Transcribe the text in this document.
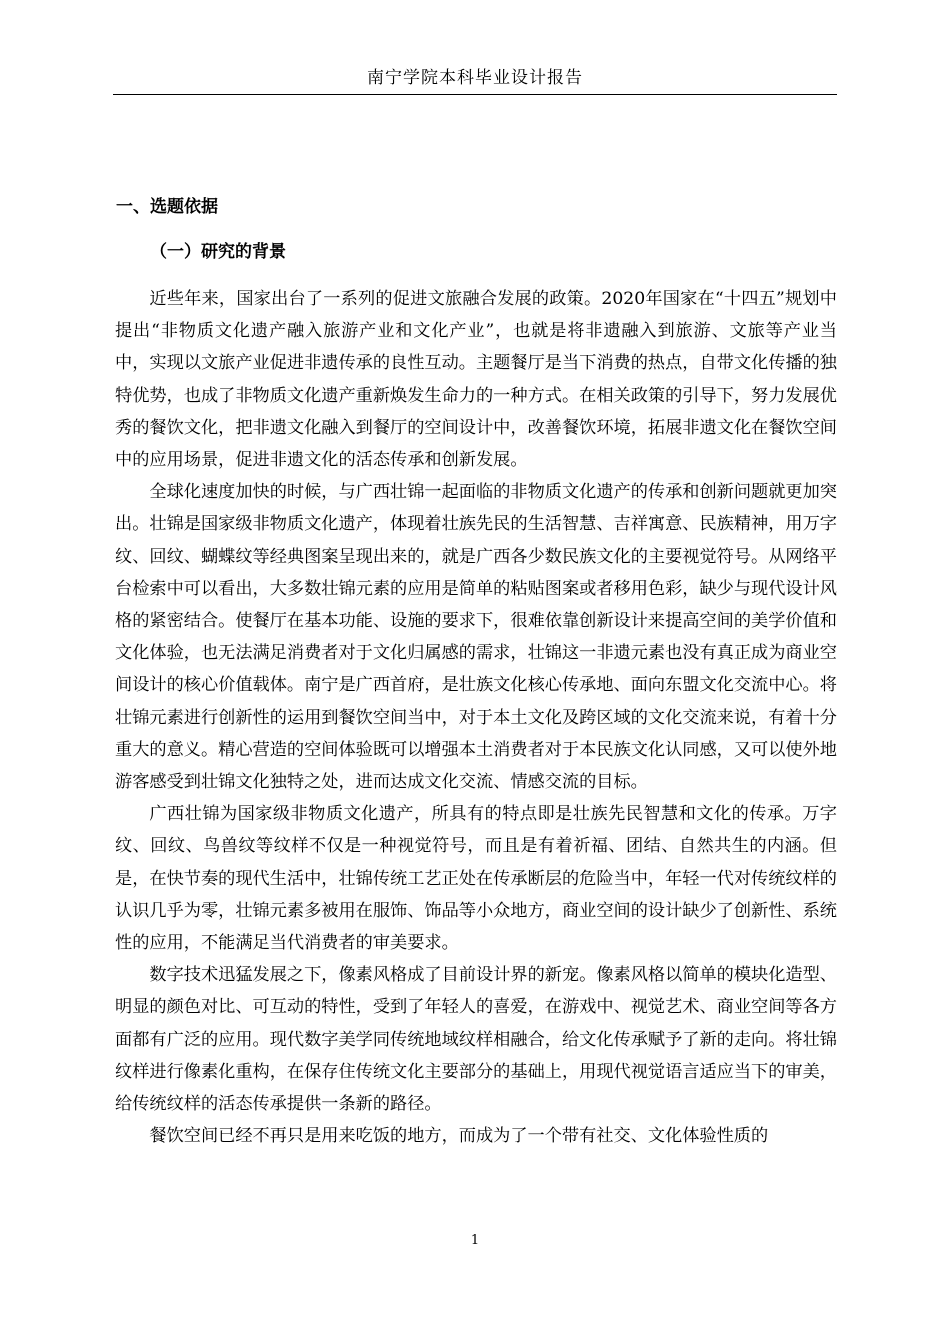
南宁学院本科毕业设计报告
一、选题依据
（一）研究的背景

近些年来，国家出台了一系列的促进文旅融合发展的政策。2020年国家在“十四五”规划中提出“非物质文化遗产融入旅游产业和文化产业”，也就是将非遗融入到旅游、文旅等产业当中，实现以文旅产业促进非遗传承的良性互动。主题餐厅是当下消费的热点，自带文化传播的独特优势，也成了非物质文化遗产重新焕发生命力的一种方式。在相关政策的引导下，努力发展优秀的餐饮文化，把非遗文化融入到餐厅的空间设计中，改善餐饮环境，拓展非遗文化在餐饮空间中的应用场景，促进非遗文化的活态传承和创新发展。

全球化速度加快的时候，与广西壮锦一起面临的非物质文化遗产的传承和创新问题就更加突出。壮锦是国家级非物质文化遗产，体现着壮族先民的生活智慧、吉祥寓意、民族精神，用万字纹、回纹、蝴蝶纹等经典图案呈现出来的，就是广西各少数民族文化的主要视觉符号。从网络平台检索中可以看出，大多数壮锦元素的应用是简单的粘贴图案或者移用色彩，缺少与现代设计风格的紧密结合。使餐厅在基本功能、设施的要求下，很难依靠创新设计来提高空间的美学价值和文化体验，也无法满足消费者对于文化归属感的需求，壮锦这一非遗元素也没有真正成为商业空间设计的核心价值载体。南宁是广西首府，是壮族文化核心传承地、面向东盟文化交流中心。将壮锦元素进行创新性的运用到餐饮空间当中，对于本土文化及跨区域的文化交流来说，有着十分重大的意义。精心营造的空间体验既可以增强本土消费者对于本民族文化认同感，又可以使外地游客感受到壮锦文化独特之处，进而达成文化交流、情感交流的目标。

广西壮锦为国家级非物质文化遗产，所具有的特点即是壮族先民智慧和文化的传承。万字纹、回纹、鸟兽纹等纹样不仅是一种视觉符号，而且是有着祈福、团结、自然共生的内涵。但是，在快节奏的现代生活中，壮锦传统工艺正处在传承断层的危险当中，年轻一代对传统纹样的认识几乎为零，壮锦元素多被用在服饰、饰品等小众地方，商业空间的设计缺少了创新性、系统性的应用，不能满足当代消费者的审美要求。

数字技术迅猛发展之下，像素风格成了目前设计界的新宠。像素风格以简单的模块化造型、明显的颜色对比、可互动的特性，受到了年轻人的喜爱，在游戏中、视觉艺术、商业空间等各方面都有广泛的应用。现代数字美学同传统地域纹样相融合，给文化传承赋予了新的走向。将壮锦纹样进行像素化重构，在保存住传统文化主要部分的基础上，用现代视觉语言适应当下的审美，给传统纹样的活态传承提供一条新的路径。

餐饮空间已经不再只是用来吃饭的地方，而成为了一个带有社交、文化体验性质的

1
